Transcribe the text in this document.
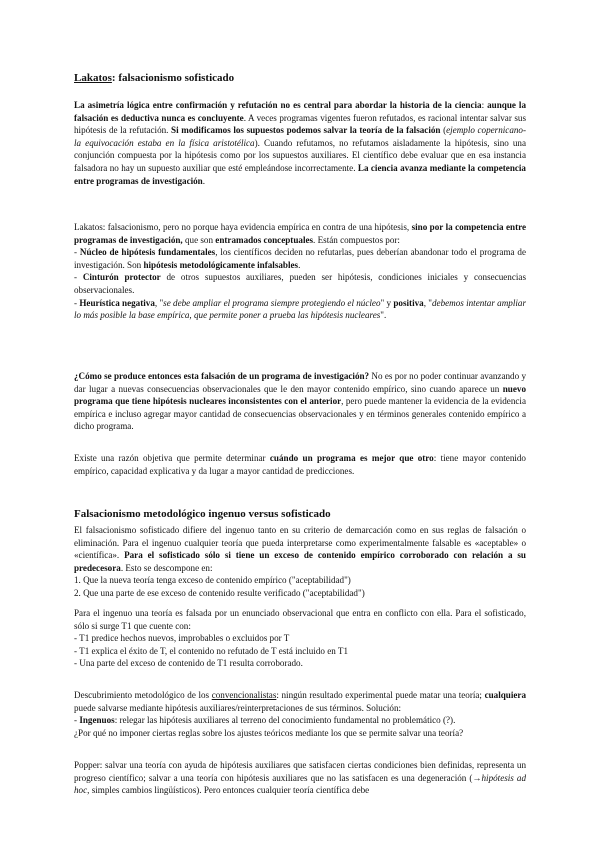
Lakatos: falsacionismo sofisticado

La asimetría lógica entre confirmación y refutación no es central para abordar la historia de la ciencia: aunque la falsación es deductiva nunca es concluyente. A veces programas vigentes fueron refutados, es racional intentar salvar sus hipótesis de la refutación. Si modificamos los supuestos podemos salvar la teoría de la falsación (ejemplo copernicano- la equivocación estaba en la física aristotélica). Cuando refutamos, no refutamos aisladamente la hipótesis, sino una conjunción compuesta por la hipótesis como por los supuestos auxiliares. El científico debe evaluar que en esa instancia falsadora no hay un supuesto auxiliar que esté empleándose incorrectamente. La ciencia avanza mediante la competencia entre programas de investigación.

Lakatos: falsacionismo, pero no porque haya evidencia empírica en contra de una hipótesis, sino por la competencia entre programas de investigación, que son entramados conceptuales. Están compuestos por:
- Núcleo de hipótesis fundamentales, los científicos deciden no refutarlas, pues deberían abandonar todo el programa de investigación. Son hipótesis metodológicamente infalsables.
- Cinturón protector de otros supuestos auxiliares, pueden ser hipótesis, condiciones iniciales y consecuencias observacionales.
- Heurística negativa, "se debe ampliar el programa siempre protegiendo el núcleo" y positiva, "debemos intentar ampliar lo más posible la base empírica, que permite poner a prueba las hipótesis nucleares".

¿Cómo se produce entonces esta falsación de un programa de investigación? No es por no poder continuar avanzando y dar lugar a nuevas consecuencias observacionales que le den mayor contenido empírico, sino cuando aparece un nuevo programa que tiene hipótesis nucleares inconsistentes con el anterior, pero puede mantener la evidencia de la evidencia empírica e incluso agregar mayor cantidad de consecuencias observacionales y en términos generales contenido empírico a dicho programa.

Existe una razón objetiva que permite determinar cuándo un programa es mejor que otro: tiene mayor contenido empírico, capacidad explicativa y da lugar a mayor cantidad de predicciones.

Falsacionismo metodológico ingenuo versus sofisticado
El falsacionismo sofisticado difiere del ingenuo tanto en su criterio de demarcación como en sus reglas de falsación o eliminación. Para el ingenuo cualquier teoría que pueda interpretarse como experimentalmente falsable es «aceptable» o «científica». Para el sofisticado sólo si tiene un exceso de contenido empírico corroborado con relación a su predecesora. Esto se descompone en:
1. Que la nueva teoría tenga exceso de contenido empírico ("aceptabilidad")
2. Que una parte de ese exceso de contenido resulte verificado ("aceptabilidad")
Para el ingenuo una teoría es falsada por un enunciado observacional que entra en conflicto con ella. Para el sofisticado, sólo si surge T1 que cuente con:
- T1 predice hechos nuevos, improbables o excluidos por T
- T1 explica el éxito de T, el contenido no refutado de T está incluido en T1
- Una parte del exceso de contenido de T1 resulta corroborado.
Descubrimiento metodológico de los convencionalistas: ningún resultado experimental puede matar una teoría; cualquiera puede salvarse mediante hipótesis auxiliares/reinterpretaciones de sus términos. Solución:
- Ingenuos: relegar las hipótesis auxiliares al terreno del conocimiento fundamental no problemático (?).
¿Por qué no imponer ciertas reglas sobre los ajustes teóricos mediante los que se permite salvar una teoría?

Popper: salvar una teoría con ayuda de hipótesis auxiliares que satisfacen ciertas condiciones bien definidas, representa un progreso científico; salvar a una teoría con hipótesis auxiliares que no las satisfacen es una degeneración (→hipótesis ad hoc, simples cambios lingüísticos). Pero entonces cualquier teoría científica debe
